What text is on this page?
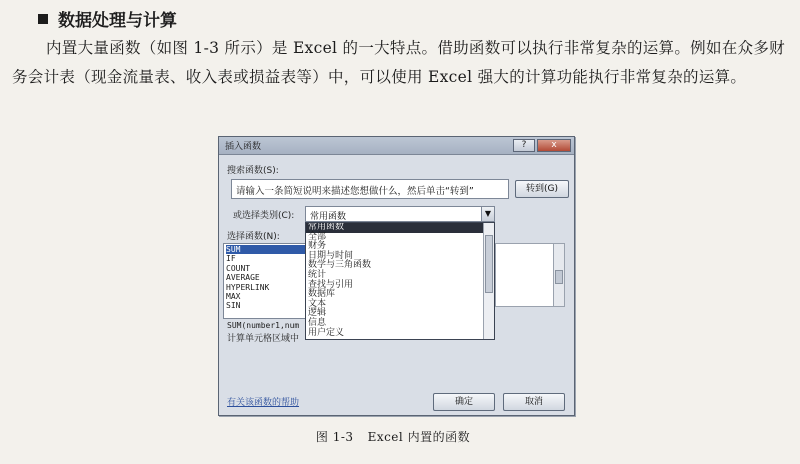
数据处理与计算

内置大量函数（如图 1-3 所示）是 Excel 的一大特点。借助函数可以执行非常复杂的运算。例如在众多财务会计表（现金流量表、收入表或损益表等）中，可以使用 Excel 强大的计算功能执行非常复杂的运算。

插入函数	?	x
搜索函数(S):
请输入一条简短说明来描述您想做什么，然后单击“转到”	转到(G)
或选择类别(C):	常用函数	▼
选择函数(N):
SUM
IF
COUNT
AVERAGE
HYPERLINK
MAX
SIN
常用函数
全部
财务
日期与时间
数学与三角函数
统计
查找与引用
数据库
文本
逻辑
信息
用户定义
SUM(number1,num
计算单元格区域中
有关该函数的帮助	确定	取消
图 1-3 Excel 内置的函数
